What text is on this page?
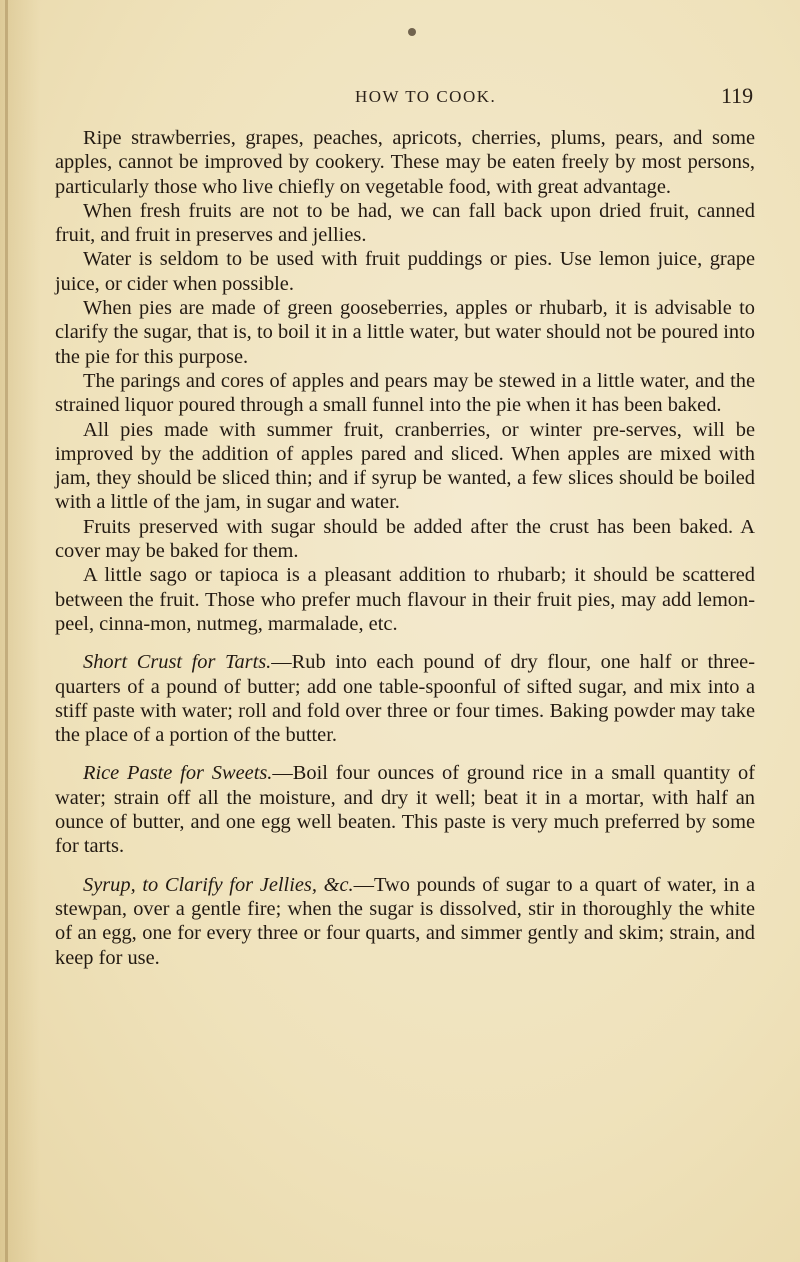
HOW TO COOK.	119

Ripe strawberries, grapes, peaches, apricots, cherries, plums, pears, and some apples, cannot be improved by cookery. These may be eaten freely by most persons, particularly those who live chiefly on vegetable food, with great advantage.

When fresh fruits are not to be had, we can fall back upon dried fruit, canned fruit, and fruit in preserves and jellies.

Water is seldom to be used with fruit puddings or pies. Use lemon juice, grape juice, or cider when possible.

When pies are made of green gooseberries, apples or rhubarb, it is advisable to clarify the sugar, that is, to boil it in a little water, but water should not be poured into the pie for this purpose.

The parings and cores of apples and pears may be stewed in a little water, and the strained liquor poured through a small funnel into the pie when it has been baked.

All pies made with summer fruit, cranberries, or winter pre-serves, will be improved by the addition of apples pared and sliced. When apples are mixed with jam, they should be sliced thin; and if syrup be wanted, a few slices should be boiled with a little of the jam, in sugar and water.

Fruits preserved with sugar should be added after the crust has been baked. A cover may be baked for them.

A little sago or tapioca is a pleasant addition to rhubarb; it should be scattered between the fruit. Those who prefer much flavour in their fruit pies, may add lemon-peel, cinna-mon, nutmeg, marmalade, etc.

Short Crust for Tarts.—Rub into each pound of dry flour, one half or three-quarters of a pound of butter; add one table-spoonful of sifted sugar, and mix into a stiff paste with water; roll and fold over three or four times. Baking powder may take the place of a portion of the butter.

Rice Paste for Sweets.—Boil four ounces of ground rice in a small quantity of water; strain off all the moisture, and dry it well; beat it in a mortar, with half an ounce of butter, and one egg well beaten. This paste is very much preferred by some for tarts.

Syrup, to Clarify for Jellies, &c.—Two pounds of sugar to a quart of water, in a stewpan, over a gentle fire; when the sugar is dissolved, stir in thoroughly the white of an egg, one for every three or four quarts, and simmer gently and skim; strain, and keep for use.
